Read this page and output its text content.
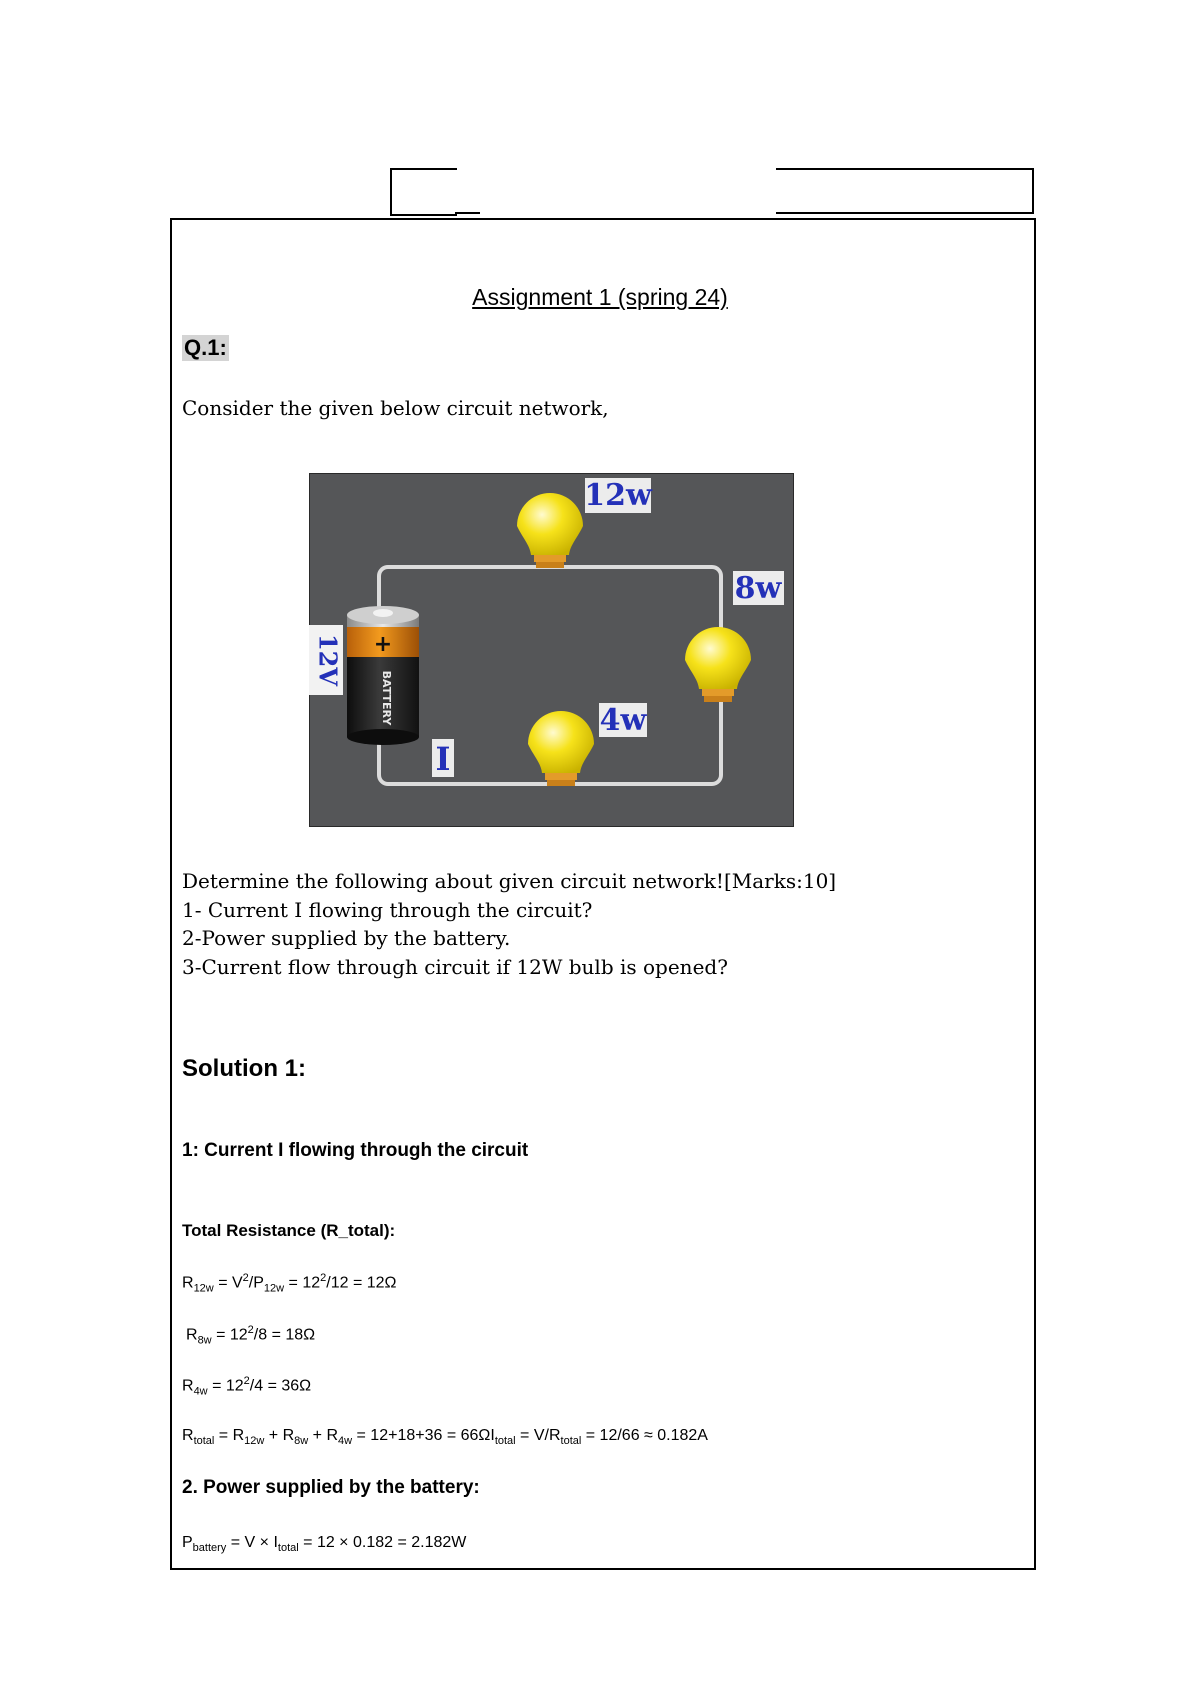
Assignment 1 (spring 24)
Q.1:
Consider the given below circuit network,
+
BATTERY
12V
12w
8w
4w
I
Determine the following about given circuit network![Marks:10]
1- Current I flowing through the circuit?
2-Power supplied by the battery.
3-Current flow through circuit if 12W bulb is opened?
Solution 1:
1: Current I flowing through the circuit
Total Resistance (R_total):
$R_{12w} = V^2/P_{12w} = 12^2/12 = 12\Omega$
$R_{8w} = 12^2/8 = 18\Omega$
$R_{4w} = 12^2/4 = 36\Omega$
$R_{total} = R_{12w} + R_{8w} + R_{4w} = 12+18+36 = 66\Omega I_{total} = V/R_{total} = 12/66 \approx 0.182A$
2. Power supplied by the battery:
$P_{battery} = V \times I_{total} = 12 \times 0.182 = 2.182W$
